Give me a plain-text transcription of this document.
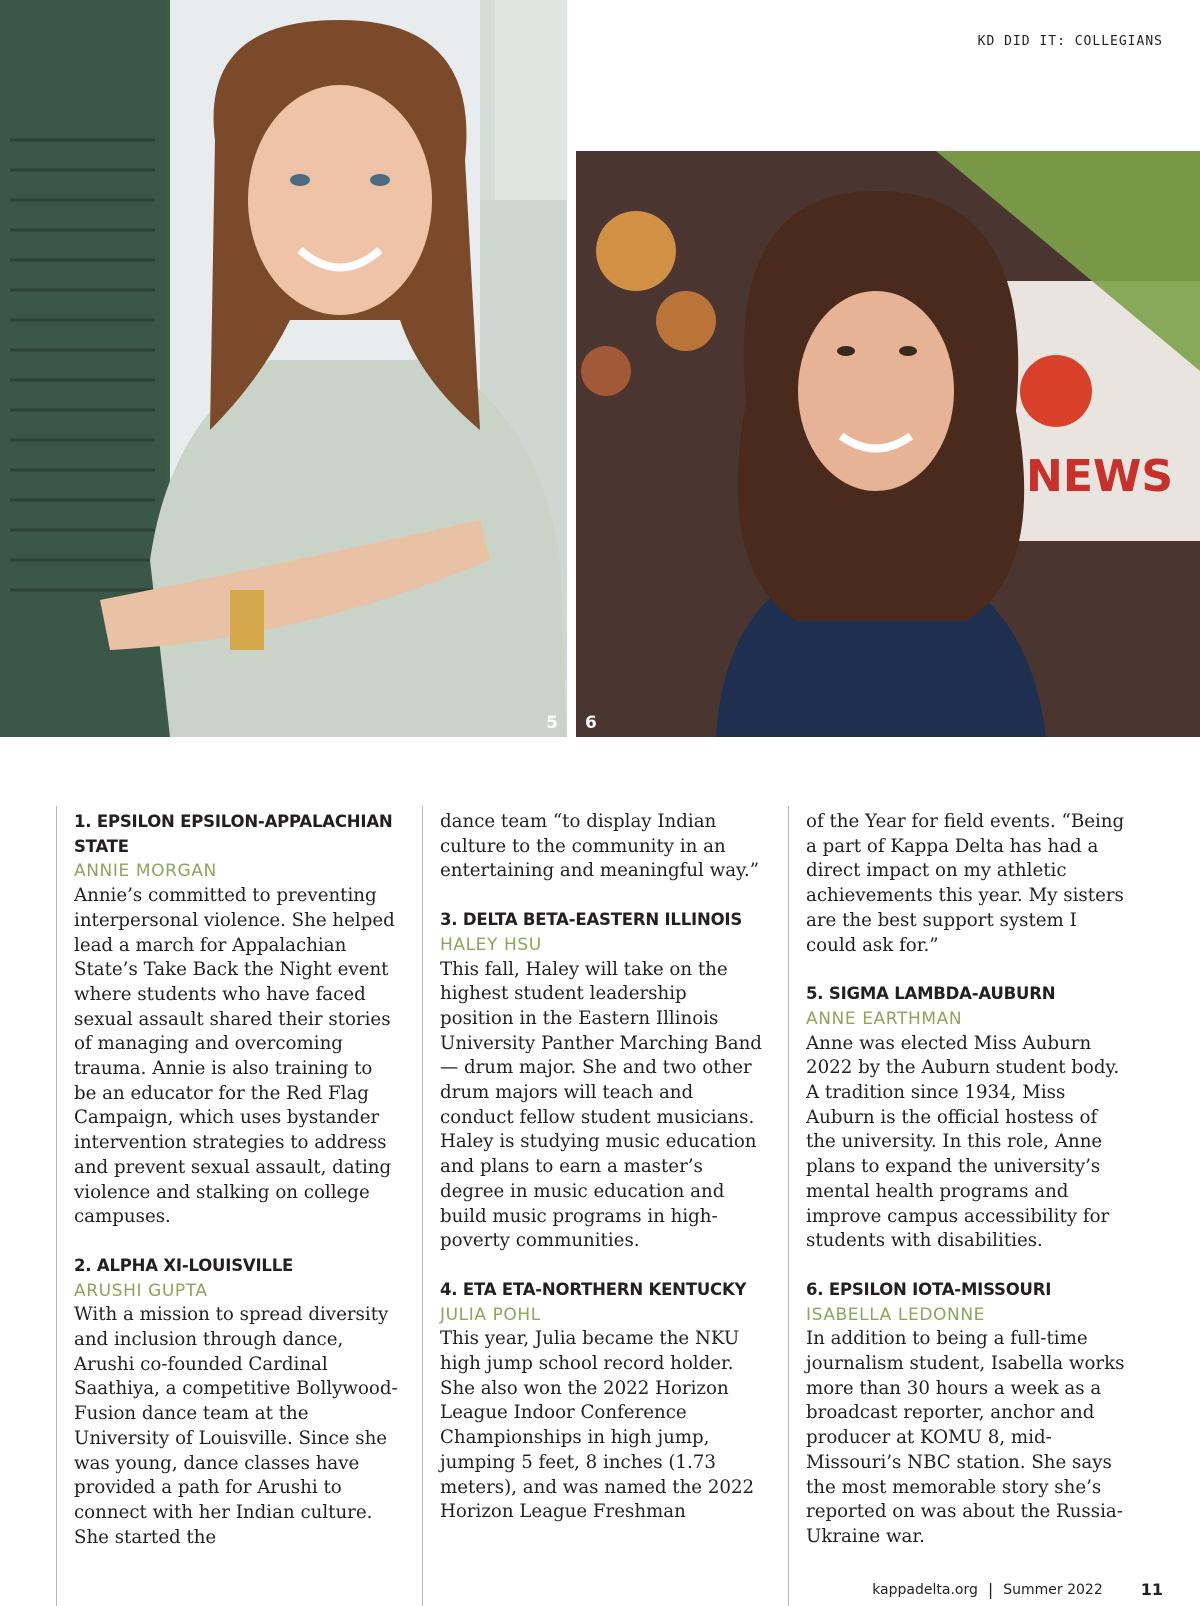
KD DID IT: COLLEGIANS
5
NEWS
6
1. EPSILON EPSILON-APPALACHIAN STATE
ANNIE MORGAN

Annie’s committed to preventing interpersonal violence. She helped lead a march for Appalachian State’s Take Back the Night event where students who have faced sexual assault shared their stories of managing and overcoming trauma. Annie is also training to be an educator for the Red Flag Campaign, which uses bystander intervention strategies to address and prevent sexual assault, dating violence and stalking on college campuses.

2. ALPHA XI-LOUISVILLE
ARUSHI GUPTA

With a mission to spread diversity and inclusion through dance, Arushi co-founded Cardinal Saathiya, a competitive Bollywood-Fusion dance team at the University of Louisville. Since she was young, dance classes have provided a path for Arushi to connect with her Indian culture. She started the

dance team “to display Indian culture to the community in an entertaining and meaningful way.”

3. DELTA BETA-EASTERN ILLINOIS
HALEY HSU

This fall, Haley will take on the highest student leadership position in the Eastern Illinois University Panther Marching Band — drum major. She and two other drum majors will teach and conduct fellow student musicians. Haley is studying music education and plans to earn a master’s degree in music education and build music programs in high-poverty communities.

4. ETA ETA-NORTHERN KENTUCKY
JULIA POHL

This year, Julia became the NKU high jump school record holder. She also won the 2022 Horizon League Indoor Conference Championships in high jump, jumping 5 feet, 8 inches (1.73 meters), and was named the 2022 Horizon League Freshman

of the Year for field events. “Being a part of Kappa Delta has had a direct impact on my athletic achievements this year. My sisters are the best support system I could ask for.”

5. SIGMA LAMBDA-AUBURN
ANNE EARTHMAN

Anne was elected Miss Auburn 2022 by the Auburn student body. A tradition since 1934, Miss Auburn is the official hostess of the university. In this role, Anne plans to expand the university’s mental health programs and improve campus accessibility for students with disabilities.

6. EPSILON IOTA-MISSOURI
ISABELLA LEDONNE

In addition to being a full-time journalism student, Isabella works more than 30 hours a week as a broadcast reporter, anchor and producer at KOMU 8, mid-Missouri’s NBC station. She says the most memorable story she’s reported on was about the Russia-Ukraine war.

kappadelta.org | Summer 2022 11
